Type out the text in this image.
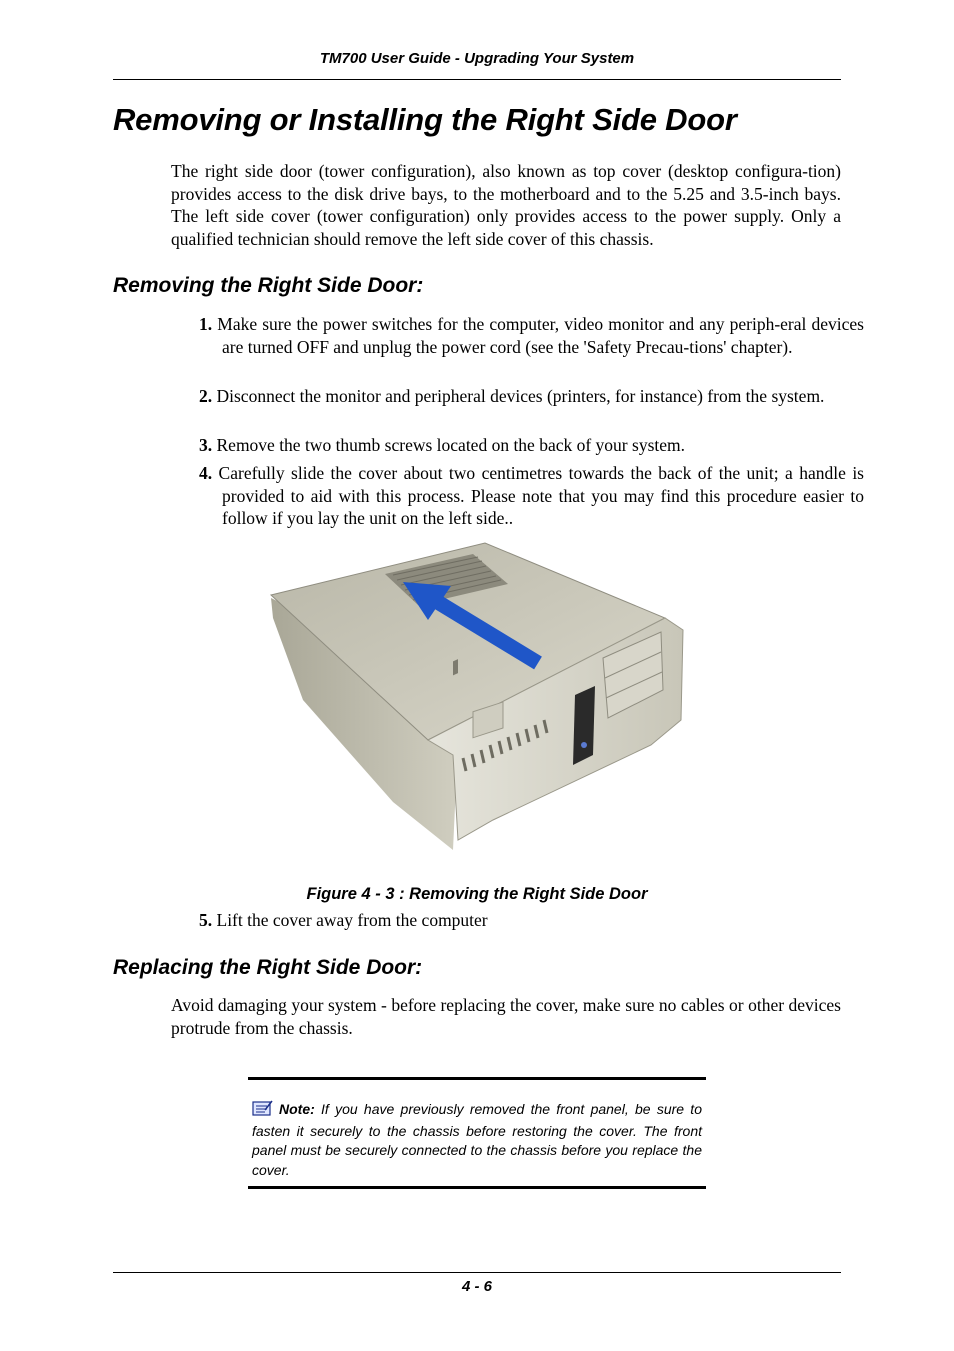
TM700 User Guide - Upgrading Your System
Removing or Installing the Right Side Door

The right side door (tower configuration), also known as top cover (desktop configura-tion) provides access to the disk drive bays, to the motherboard and to the 5.25 and 3.5-inch bays. The left side cover (tower configuration) only provides access to the power supply. Only a qualified technician should remove the left side cover of this chassis.

Removing the Right Side Door:

1. Make sure the power switches for the computer, video monitor and any periph-eral devices are turned OFF and unplug the power cord (see the 'Safety Precau-tions' chapter).

2. Disconnect the monitor and peripheral devices (printers, for instance) from the system.

3. Remove the two thumb screws located on the back of your system.

4. Carefully slide the cover about two centimetres towards the back of the unit; a handle is provided to aid with this process. Please note that you may find this procedure easier to follow if you lay the unit on the left side..

Figure 4 - 3 : Removing the Right Side Door

5. Lift the cover away from the computer

Replacing the Right Side Door:

Avoid damaging your system - before replacing the cover, make sure no cables or other devices protrude from the chassis.

Note: If you have previously removed the front panel, be sure to fasten it securely to the chassis before restoring the cover. The front panel must be securely connected to the chassis before you replace the cover.

4 - 6
